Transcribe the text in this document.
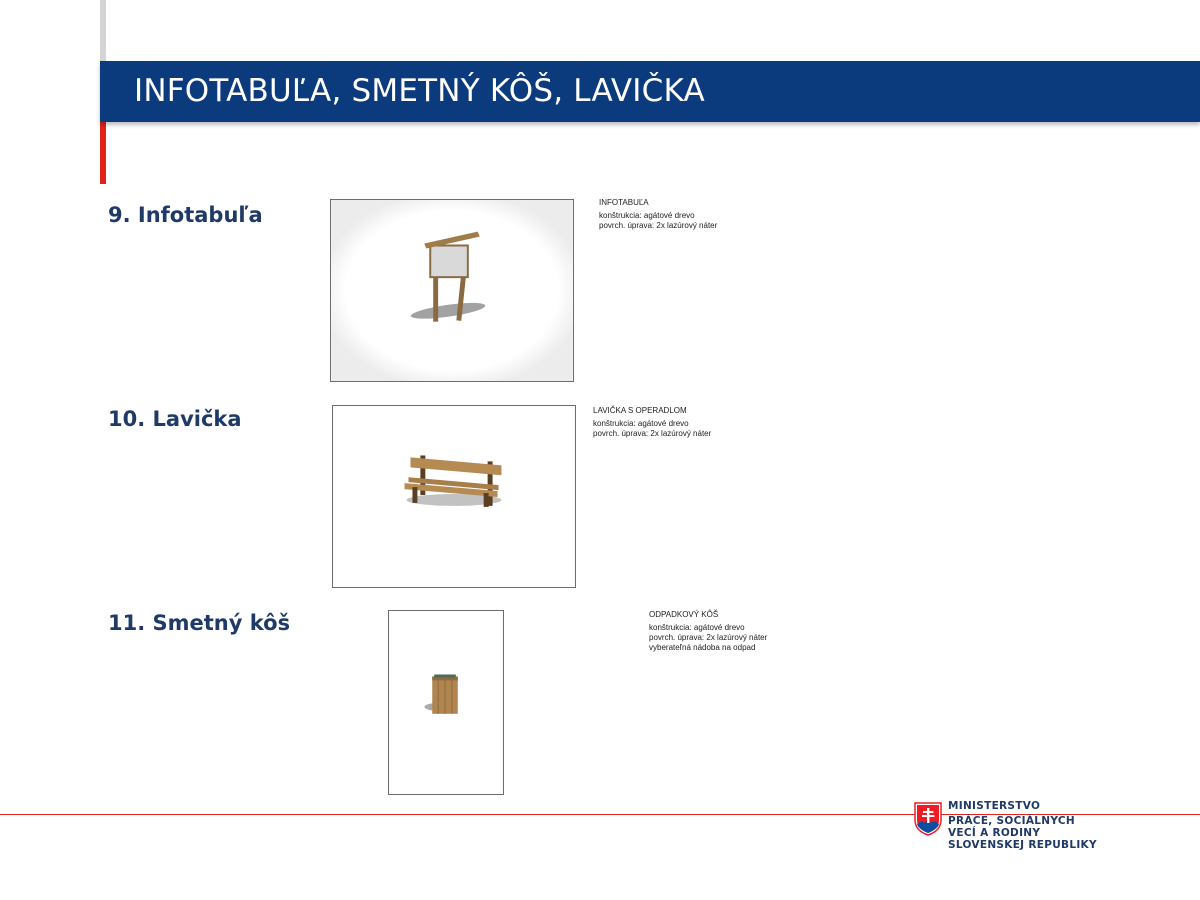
INFOTABUĽA, SMETNÝ KÔŠ, LAVIČKA
9. Infotabuľa
INFOTABUĽA
konštrukcia: agátové drevo
povrch. úprava: 2x lazúrový náter
10. Lavička	LAVIČKA S OPERADLOM
konštrukcia: agátové drevo
povrch. úprava: 2x lazúrový náter
11. Smetný kôš	ODPADKOVÝ KÔŠ
konštrukcia: agátové drevo
povrch. úprava: 2x lazúrový náter
vyberateľná nádoba na odpad
MINISTERSTVO
PRÁCE, SOCIÁLNYCH
VECÍ A RODINY
SLOVENSKEJ REPUBLIKY
